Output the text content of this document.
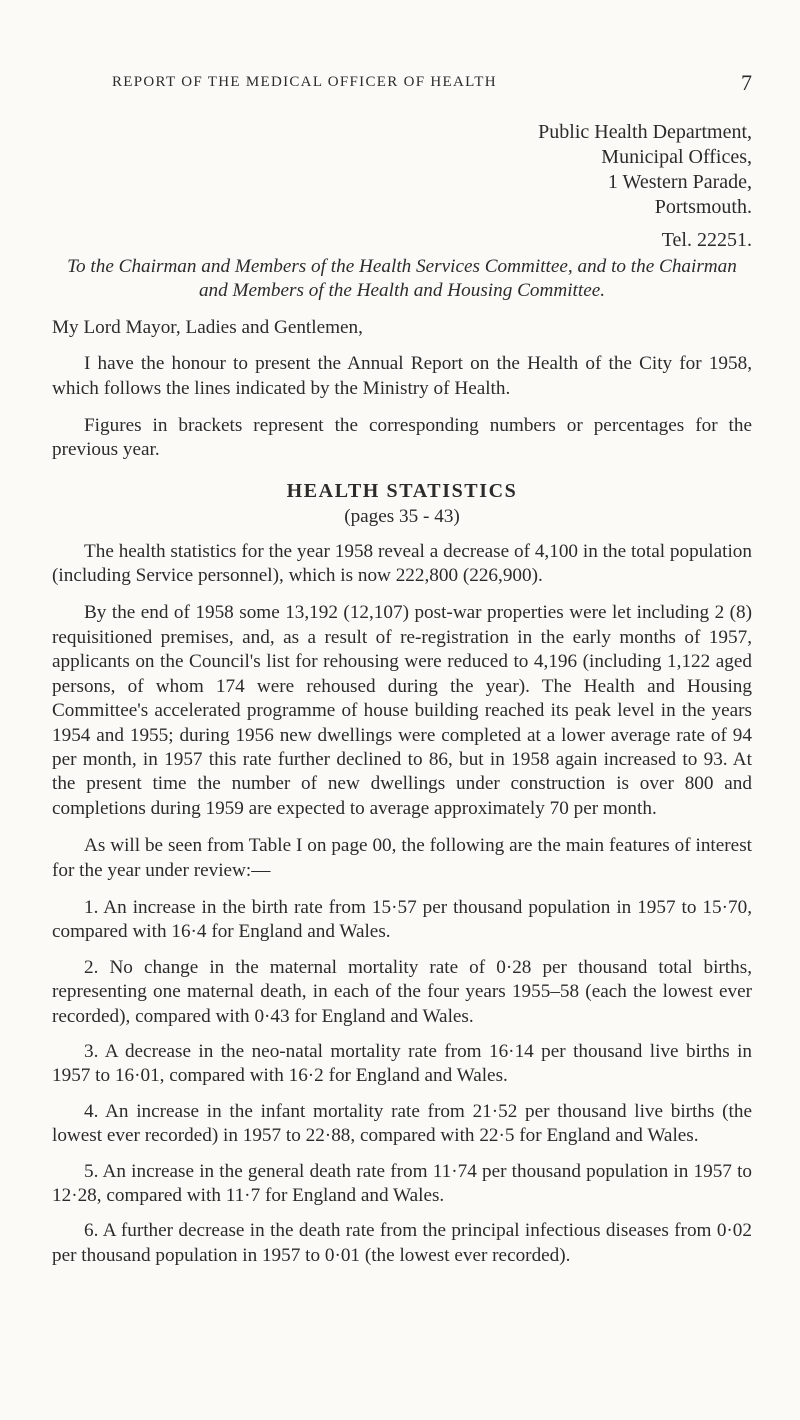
REPORT OF THE MEDICAL OFFICER OF HEALTH	7
Public Health Department,
Municipal Offices,
1 Western Parade,
Portsmouth.
Tel. 22251.

To the Chairman and Members of the Health Services Committee, and to the Chairman and Members of the Health and Housing Committee.

My Lord Mayor, Ladies and Gentlemen,

I have the honour to present the Annual Report on the Health of the City for 1958, which follows the lines indicated by the Ministry of Health.

Figures in brackets represent the corresponding numbers or percentages for the previous year.

HEALTH STATISTICS
(pages 35 - 43)

The health statistics for the year 1958 reveal a decrease of 4,100 in the total population (including Service personnel), which is now 222,800 (226,900).

By the end of 1958 some 13,192 (12,107) post-war properties were let including 2 (8) requisitioned premises, and, as a result of re-registration in the early months of 1957, applicants on the Council's list for rehousing were reduced to 4,196 (including 1,122 aged persons, of whom 174 were rehoused during the year). The Health and Housing Committee's accelerated programme of house building reached its peak level in the years 1954 and 1955; during 1956 new dwellings were completed at a lower average rate of 94 per month, in 1957 this rate further declined to 86, but in 1958 again increased to 93. At the present time the number of new dwellings under construction is over 800 and completions during 1959 are expected to average approximately 70 per month.

As will be seen from Table I on page 00, the following are the main features of interest for the year under review:—

1. An increase in the birth rate from 15·57 per thousand population in 1957 to 15·70, compared with 16·4 for England and Wales.

2. No change in the maternal mortality rate of 0·28 per thousand total births, representing one maternal death, in each of the four years 1955–58 (each the lowest ever recorded), compared with 0·43 for England and Wales.

3. A decrease in the neo-natal mortality rate from 16·14 per thousand live births in 1957 to 16·01, compared with 16·2 for England and Wales.

4. An increase in the infant mortality rate from 21·52 per thousand live births (the lowest ever recorded) in 1957 to 22·88, compared with 22·5 for England and Wales.

5. An increase in the general death rate from 11·74 per thousand population in 1957 to 12·28, compared with 11·7 for England and Wales.

6. A further decrease in the death rate from the principal infectious diseases from 0·02 per thousand population in 1957 to 0·01 (the lowest ever recorded).
